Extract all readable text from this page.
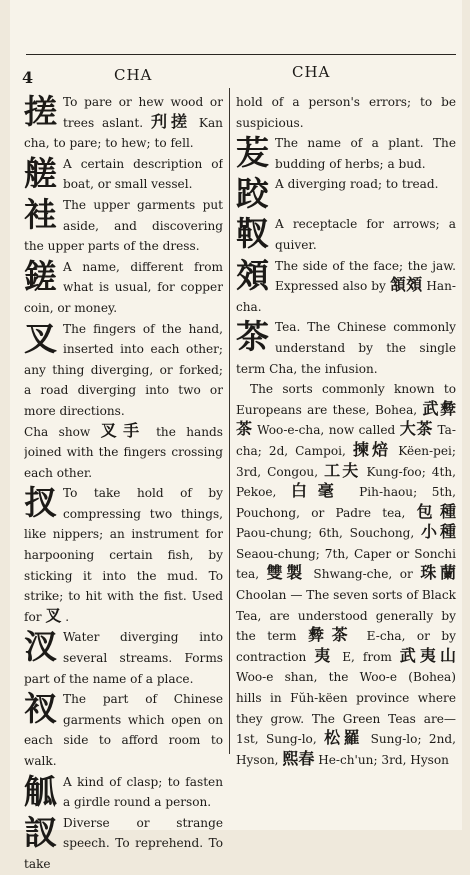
4	CHA	CHA
搓 To pare or hew wood or trees aslant. 刋搓 Kan cha, to pare; to hew; to fell.
艖 A certain description of boat, or small vessel.
袿 The upper garments put aside, and discovering the upper parts of the dress.
鎈 A name, different from what is usual, for copper coin, or money.
叉 The fingers of the hand, inserted into each other; any thing diverging, or forked; a road diverging into two or more directions.
Cha show 叉手 the hands joined with the fingers crossing each other.
扠 To take hold of by compressing two things, like nippers; an instrument for harpooning certain fish, by sticking it into the mud. To strike; to hit with the fist. Used for 叉 .
汊 Water diverging into several streams. Forms part of the name of a place.
衩 The part of Chinese garments which open on each side to afford room to walk.
觚 A kind of clasp; to fasten a girdle round a person.
訍 Diverse or strange speech. To reprehend. To take

hold of a person's errors; to be suspicious.

苃 The name of a plant. The budding of herbs; a bud.
跤 A diverging road; to tread.
靫 A receptacle for arrows; a quiver.
頝 The side of the face; the jaw. Expressed also by 頷頝 Han-cha.
茶 Tea. The Chinese commonly understand by the single term Cha, the infusion.

The sorts commonly known to Europeans are these, Bohea, 武彜茶 Woo-e-cha, now called 大茶 Ta-cha; 2d, Campoi, 揀焙 Këen-pei; 3rd, Congou, 工夫 Kung-foo; 4th, Pekoe, 白毫 Pih-haou; 5th, Pouchong, or Padre tea, 包種 Paou-chung; 6th, Souchong, 小種 Seaou-chung; 7th, Caper or Sonchi tea, 雙製 Shwang-che, or 珠蘭 Choolan — The seven sorts of Black Tea, are understood generally by the term 彜茶 E-cha, or by contraction 夷 E, from 武夷山 Woo-e shan, the Woo-e (Bohea) hills in Fŭh-këen province where they grow. The Green Teas are—1st, Sung-lo, 松羅 Sung-lo; 2nd, Hyson, 熙春 He-ch'un; 3rd, Hyson
